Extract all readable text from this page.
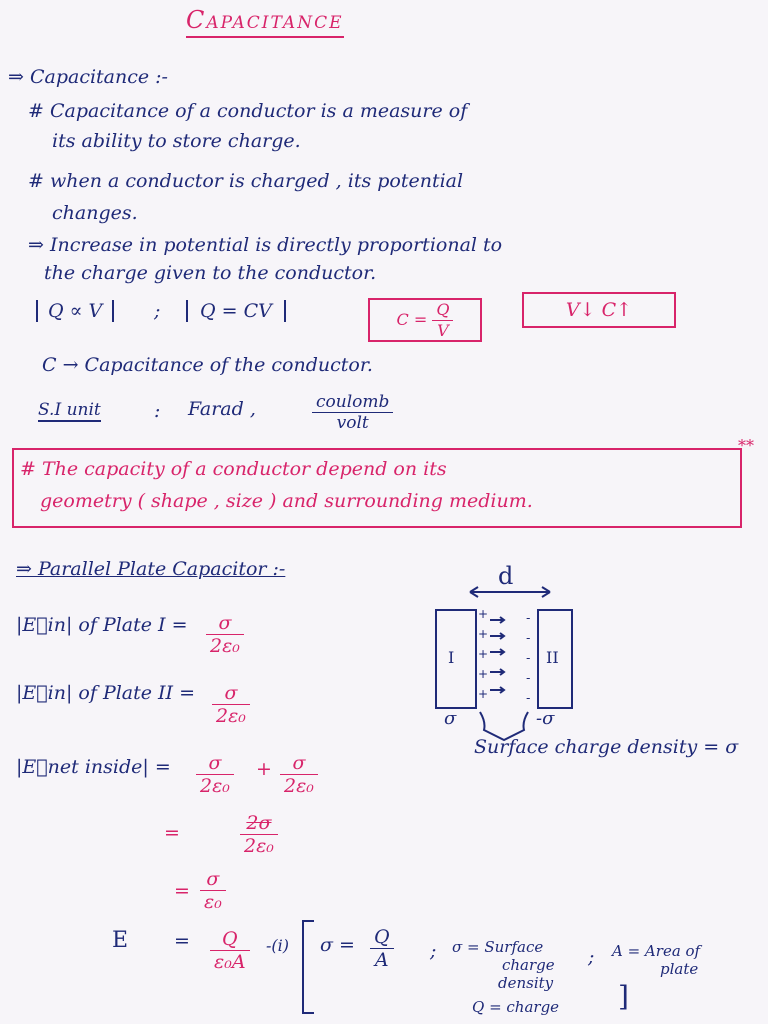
Capacitance
⇒ Capacitance :-
# Capacitance of a conductor is a measure of
its ability to store charge.
# when a conductor is charged , its potential
changes.
⇒ Increase in potential is directly proportional to
the charge given to the conductor.
Q ∝ V	;	Q = CV	$C = \frac{Q}{V}$	V↓ C↑
C → Capacitance of the conductor.
S.I unit	: Farad ,	$\frac{\text{coulomb}}{\text{volt}}$
**
# The capacity of a conductor depend on its
geometry ( shape , size ) and surrounding medium.
⇒ Parallel Plate Capacitor :-
|E⃗in| of Plate $I = \frac{\sigma}{\text{2ε₀}}$
|E⃗in| of Plate II = $\frac{\sigma}{\text{2ε₀}}$
|E⃗net inside| = $\frac{\sigma}{\text{2ε₀}} + \frac{\sigma}{\text{2ε₀}}$
=	$\frac{2\sigma}{\text{2ε₀}}$
= $\frac{\sigma}{\text{ε₀}}$
$E = \frac{Q}{\text{ε₀A}} -(i) \sigma = \frac{Q}{A}$ ; σ = Surface
charge
density
; A = Area of
plate
Q = charge ]
d
+
+
+
+
+
-
-
-
-
-
I	II
σ	-σ
Surface charge density = σ
